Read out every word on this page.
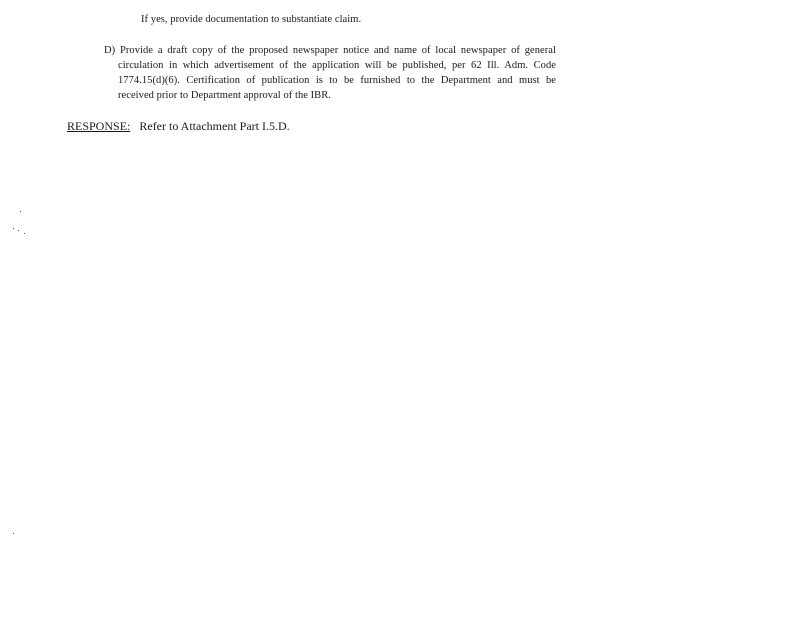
If yes, provide documentation to substantiate claim.
D) Provide a draft copy of the proposed newspaper notice and name of local newspaper of general
circulation in which advertisement of the application will be published, per 62 Ill. Adm. Code
1774.15(d)(6). Certification of publication is to be furnished to the Department and must be
received prior to Department approval of the IBR.
RESPONSE: Refer to Attachment Part I.5.D.
